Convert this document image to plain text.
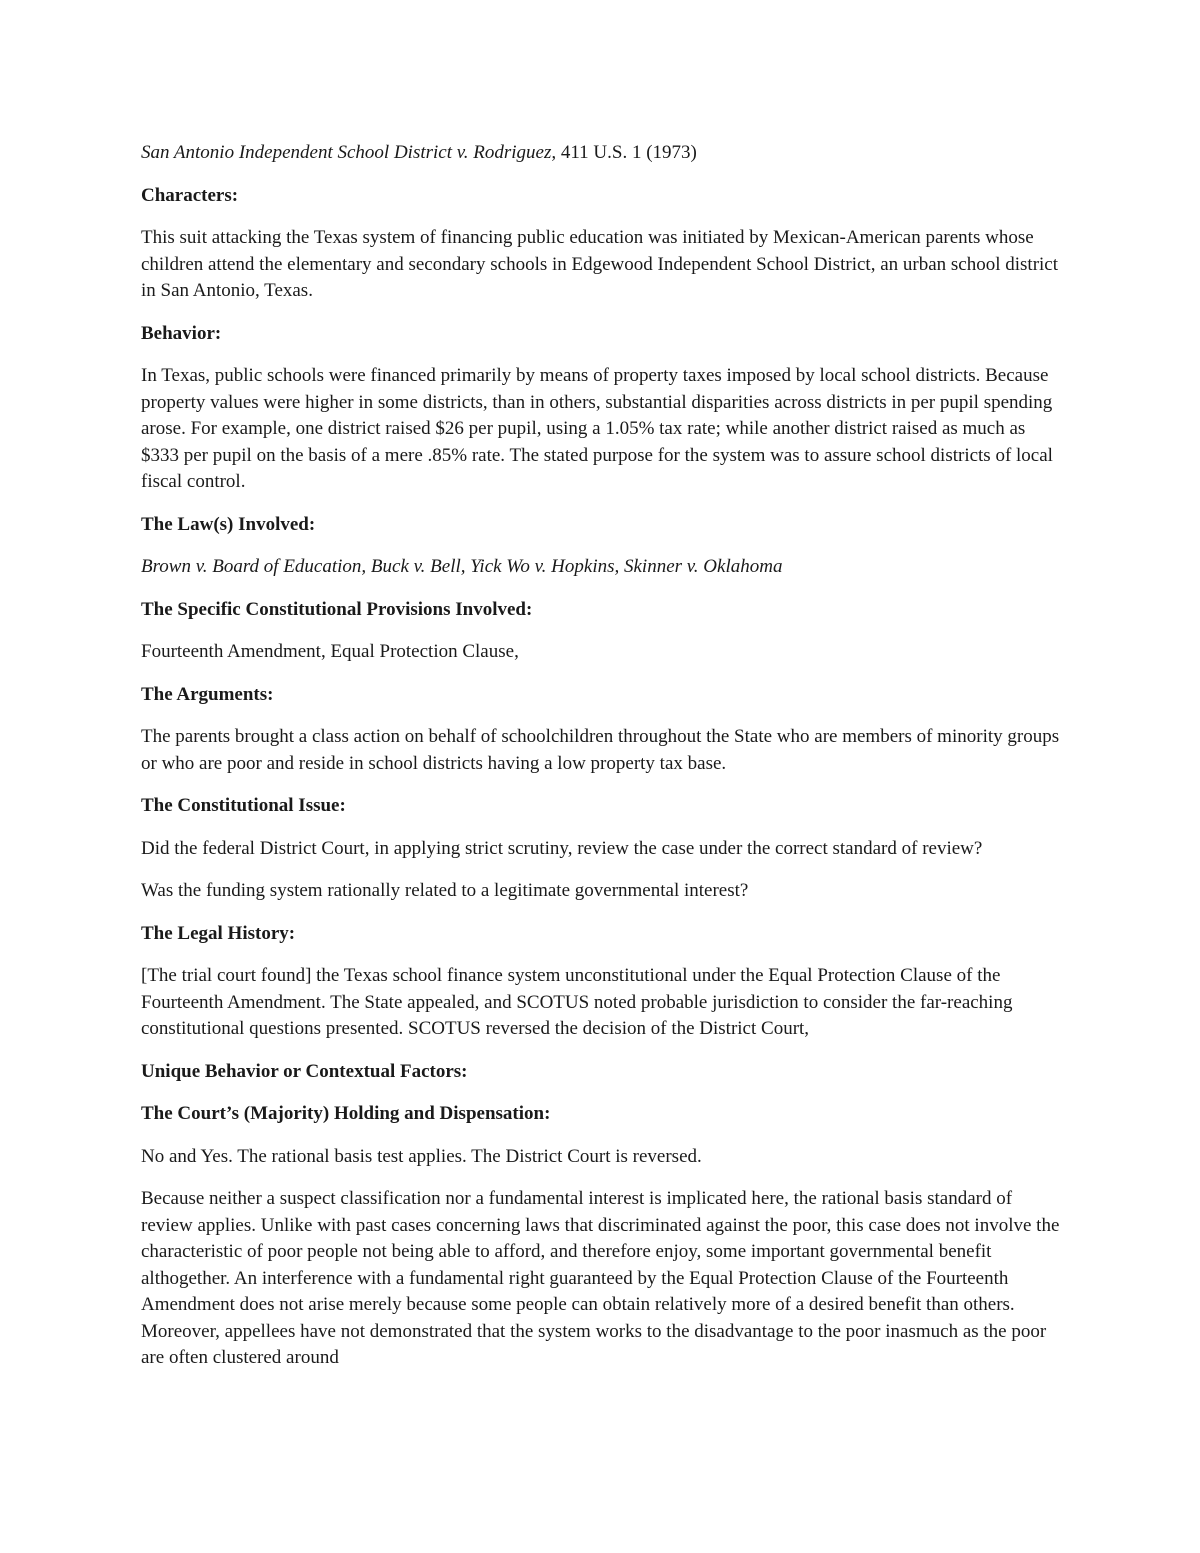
San Antonio Independent School District v. Rodriguez, 411 U.S. 1 (1973)

Characters:

This suit attacking the Texas system of financing public education was initiated by Mexican-American parents whose children attend the elementary and secondary schools in Edgewood Independent School District, an urban school district in San Antonio, Texas.

Behavior:

In Texas, public schools were financed primarily by means of property taxes imposed by local school districts. Because property values were higher in some districts, than in others, substantial disparities across districts in per pupil spending arose. For example, one district raised $26 per pupil, using a 1.05% tax rate; while another district raised as much as $333 per pupil on the basis of a mere .85% rate. The stated purpose for the system was to assure school districts of local fiscal control.

The Law(s) Involved:

Brown v. Board of Education, Buck v. Bell, Yick Wo v. Hopkins, Skinner v. Oklahoma

The Specific Constitutional Provisions Involved:

Fourteenth Amendment, Equal Protection Clause,

The Arguments:

The parents brought a class action on behalf of schoolchildren throughout the State who are members of minority groups or who are poor and reside in school districts having a low property tax base.

The Constitutional Issue:

Did the federal District Court, in applying strict scrutiny, review the case under the correct standard of review?

Was the funding system rationally related to a legitimate governmental interest?

The Legal History:

[The trial court found] the Texas school finance system unconstitutional under the Equal Protection Clause of the Fourteenth Amendment. The State appealed, and SCOTUS noted probable jurisdiction to consider the far-reaching constitutional questions presented. SCOTUS reversed the decision of the District Court,

Unique Behavior or Contextual Factors:

The Court’s (Majority) Holding and Dispensation:

No and Yes. The rational basis test applies. The District Court is reversed.

Because neither a suspect classification nor a fundamental interest is implicated here, the rational basis standard of review applies. Unlike with past cases concerning laws that discriminated against the poor, this case does not involve the characteristic of poor people not being able to afford, and therefore enjoy, some important governmental benefit althogether. An interference with a fundamental right guaranteed by the Equal Protection Clause of the Fourteenth Amendment does not arise merely because some people can obtain relatively more of a desired benefit than others. Moreover, appellees have not demonstrated that the system works to the disadvantage to the poor inasmuch as the poor are often clustered around
